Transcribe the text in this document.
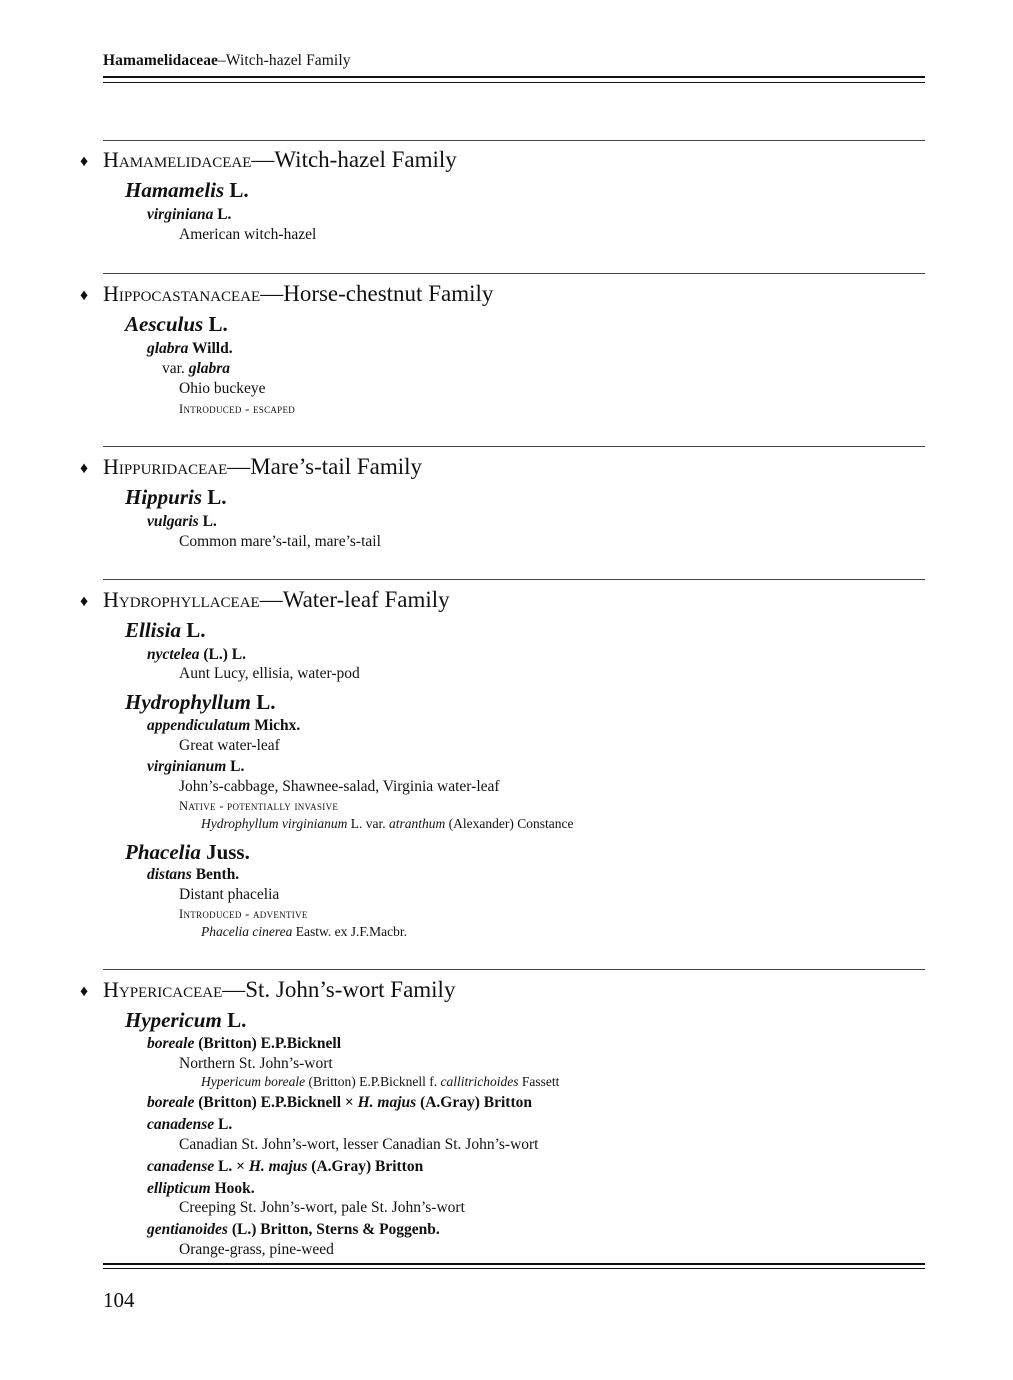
Hamamelidaceae–Witch-hazel Family
♦ Hamamelidaceae—Witch-hazel Family
Hamamelis L.
virginiana L.
American witch-hazel
♦ Hippocastanaceae—Horse-chestnut Family
Aesculus L.
glabra Willd.
var. glabra
Ohio buckeye
Introduced - escaped
♦ Hippuridaceae—Mare’s-tail Family
Hippuris L.
vulgaris L.
Common mare’s-tail, mare’s-tail
♦ Hydrophyllaceae—Water-leaf Family
Ellisia L.
nyctelea (L.) L.
Aunt Lucy, ellisia, water-pod
Hydrophyllum L.
appendiculatum Michx.
Great water-leaf
virginianum L.
John’s-cabbage, Shawnee-salad, Virginia water-leaf
Native - potentially invasive
Hydrophyllum virginianum L. var. atranthum (Alexander) Constance
Phacelia Juss.
distans Benth.
Distant phacelia
Introduced - adventive
Phacelia cinerea Eastw. ex J.F.Macbr.
♦ Hypericaceae—St. John’s-wort Family
Hypericum L.
boreale (Britton) E.P.Bicknell
Northern St. John’s-wort
Hypericum boreale (Britton) E.P.Bicknell f. callitrichoides Fassett
boreale (Britton) E.P.Bicknell × H. majus (A.Gray) Britton
canadense L.
Canadian St. John’s-wort, lesser Canadian St. John’s-wort
canadense L. × H. majus (A.Gray) Britton
ellipticum Hook.
Creeping St. John’s-wort, pale St. John’s-wort
gentianoides (L.) Britton, Sterns & Poggenb.
Orange-grass, pine-weed
104
